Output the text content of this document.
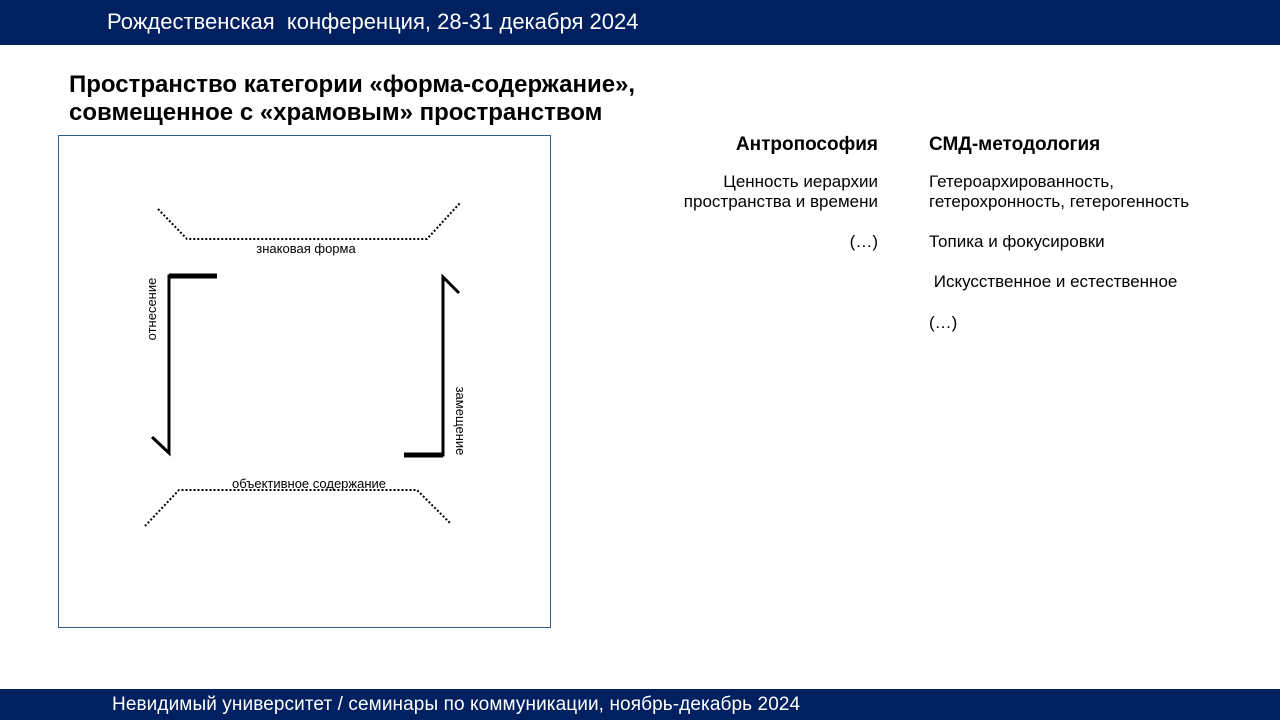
Рождественская  конференция, 28-31 декабря 2024
Пространство категории «форма-содержание»,
совмещенное с «храмовым» пространством
знаковая форма
объективное содержание
отнесение
замещение
Антропософия	СМД-методология
Ценность иерархии
пространства и времени
(…)
Гетероархированность,
гетерохронность, гетерогенность
Топика и фокусировки
Искусственное и естественное
(…)
Невидимый университет / семинары по коммуникации, ноябрь-декабрь 2024
